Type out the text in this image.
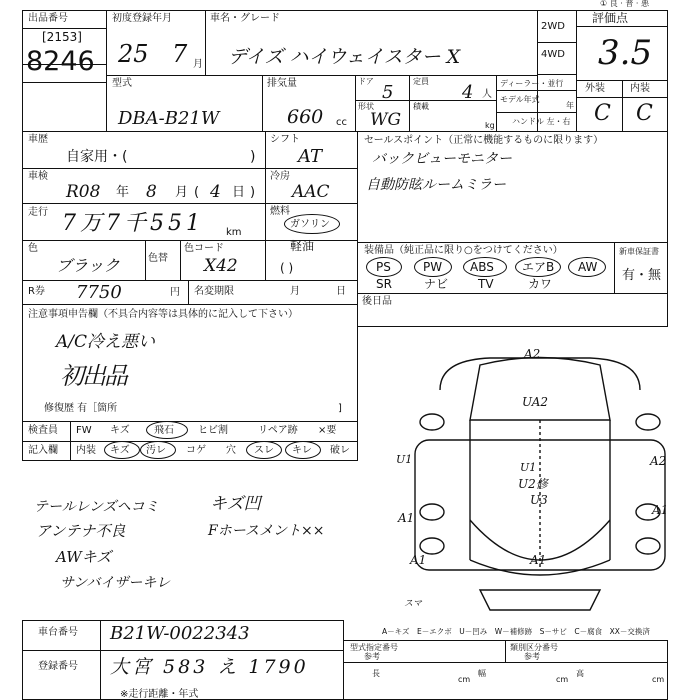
① 良 · 普 · 悪
出品番号
[2153]
8246
初度登録年月
25 7 月
車名・グレード
デイズ ハイウェイスター X
2WD
4WD
評価点
3.5
外装	内装
C C
型式
DBA-B21W
排気量
660 cc
ドア
5
定員
4 人
形状
WG
積載
kg
ディーラー・並行
モデル年式
年
ハンドル 左・右
車歴
自家用・(	)
シフト
AT
車検
R08 年 8 月 ( 4 日 )
冷房
AAC
走行 7万7千551 km
燃料
ガソリン
軽油
色
ブラック	色替
色コード
X42	( )
R券 7750	円 名変期限	月	日
セールスポイント（正常に機能するものに限ります）
バックビューモニター
自動防眩ルームミラー
装備品（純正品に限り○をつけてください）
PS	PW ABS エアB AW
SR	ナビ TV	カワ
新車保証書
有・無
後日品
注意事項申告欄（不具合内容等は具体的に記入して下さい）
A/C冷え悪い
初出品
修復歴 有［箇所	]
検査員
記入欄
FW キズ 飛石 ヒビ割	リペア跡 ×要
内装 キズ 汚レ コゲ 穴 スレ キレ 破レ
テールレンズヘコミ
アンテナ不良
AWキズ
サンバイザーキレ
キズ凹
Fホースメント××
A2
UA2
A2
U1
U1
U2修
U3
A1
A1
A1	A1
スマ
A－キズ　E－エクボ　U－凹み　W－補修跡　S－サビ　C－腐食　XX－交換済
車台番号 B21W-0022343
登録番号 大宮 583 え 1790
型式指定番号
参考
類別区分番号
参考
長
cm
幅
cm
高
cm
※走行距離・年式
